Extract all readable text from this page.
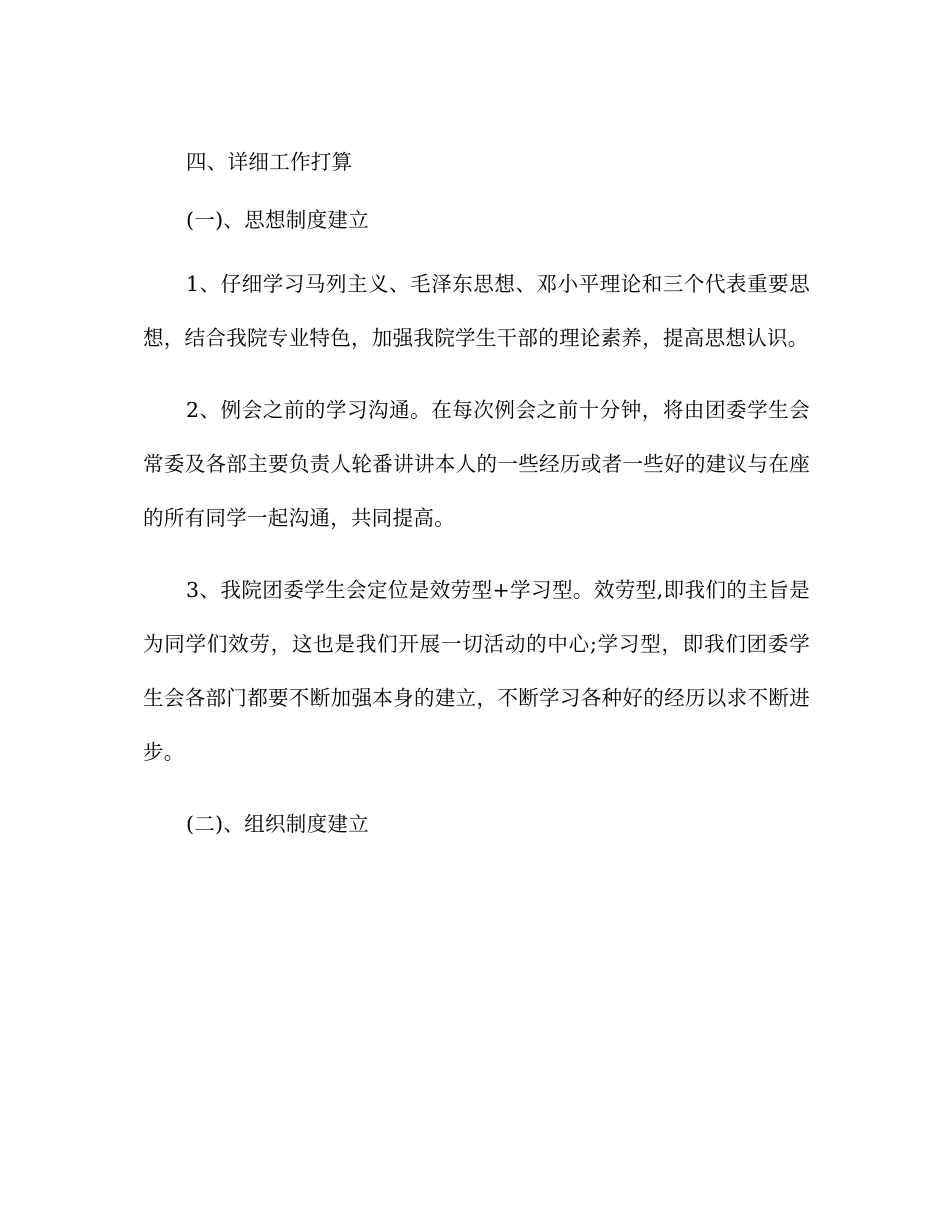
四、详细工作打算

(一)、思想制度建立

1、仔细学习马列主义、毛泽东思想、邓小平理论和三个代表重要思想，结合我院专业特色，加强我院学生干部的理论素养，提高思想认识。

2、例会之前的学习沟通。在每次例会之前十分钟，将由团委学生会常委及各部主要负责人轮番讲讲本人的一些经历或者一些好的建议与在座的所有同学一起沟通，共同提高。

3、我院团委学生会定位是效劳型+学习型。效劳型,即我们的主旨是为同学们效劳，这也是我们开展一切活动的中心;学习型，即我们团委学生会各部门都要不断加强本身的建立，不断学习各种好的经历以求不断进步。

(二)、组织制度建立
